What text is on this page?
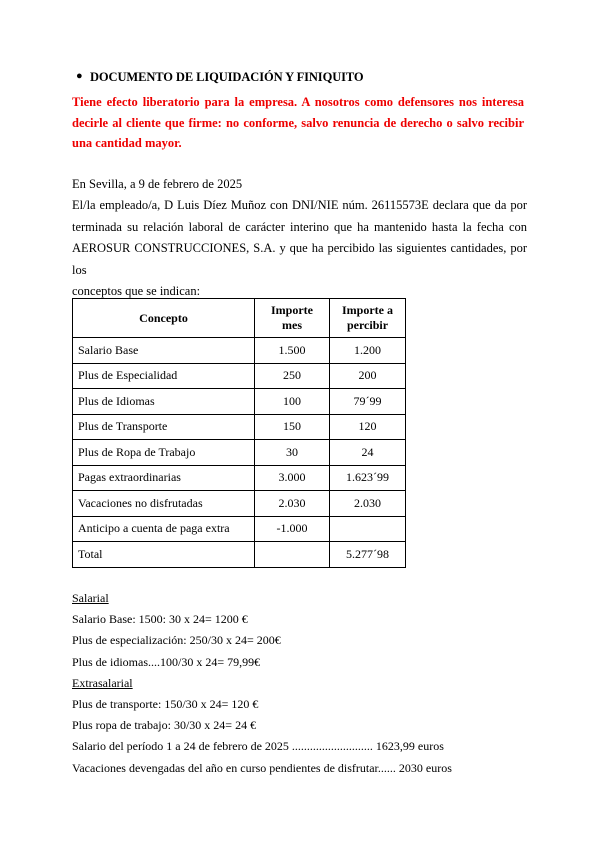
● DOCUMENTO DE LIQUIDACIÓN Y FINIQUITO
Tiene efecto liberatorio para la empresa. A nosotros como defensores nos interesa decirle al cliente que firme: no conforme, salvo renuncia de derecho o salvo recibir una cantidad mayor.
En Sevilla, a 9 de febrero de 2025
El/la empleado/a, D Luis Díez Muñoz con DNI/NIE núm. 26115573E declara que da por
terminada su relación laboral de carácter interino que ha mantenido hasta la fecha con
AEROSUR CONSTRUCCIONES, S.A. y que ha percibido las siguientes cantidades, por los
conceptos que se indican:
Concepto	Importe mes	Importe a percibir
Salario Base	1.500	1.200
Plus de Especialidad	250	200
Plus de Idiomas	100	79´99
Plus de Transporte	150	120
Plus de Ropa de Trabajo	30	24
Pagas extraordinarias	3.000	1.623´99
Vacaciones no disfrutadas	2.030	2.030
Anticipo a cuenta de paga extra	-1.000	
Total		5.277´98
Salarial
Salario Base: 1500: 30 x 24= 1200 €
Plus de especialización: 250/30 x 24= 200€
Plus de idiomas....100/30 x 24= 79,99€
Extrasalarial
Plus de transporte: 150/30 x 24= 120 €
Plus ropa de trabajo: 30/30 x 24= 24 €
Salario del período 1 a 24 de febrero de 2025 ........................... 1623,99 euros
Vacaciones devengadas del año en curso pendientes de disfrutar...... 2030 euros
